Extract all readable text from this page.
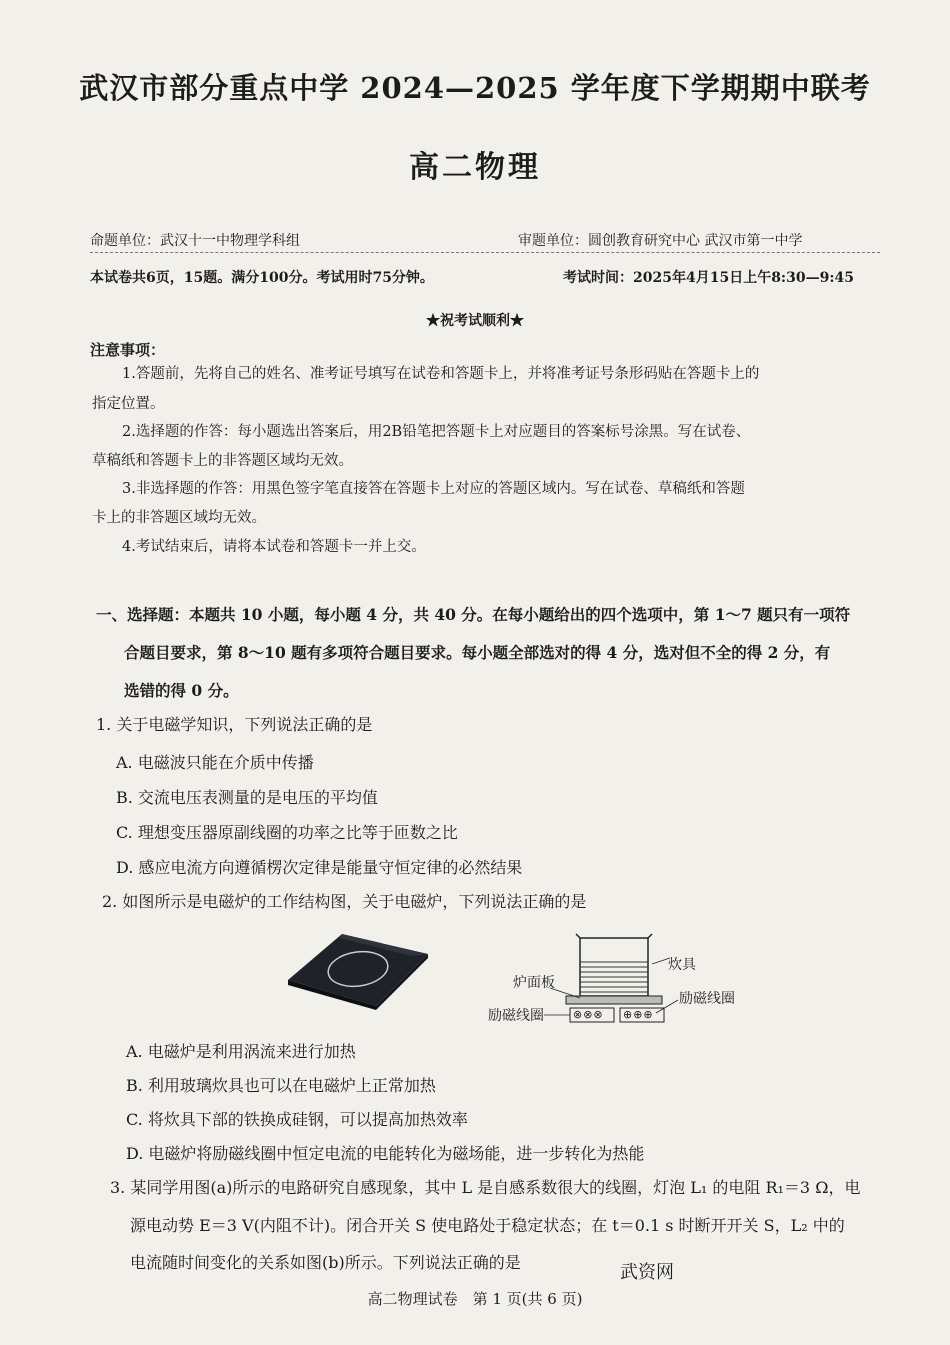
武汉市部分重点中学 2024—2025 学年度下学期期中联考
高二物理
命题单位：武汉十一中物理学科组	审题单位：圆创教育研究中心 武汉市第一中学
本试卷共6页，15题。满分100分。考试用时75分钟。	考试时间：2025年4月15日上午8:30—9:45
★祝考试顺利★
注意事项：
1.答题前，先将自己的姓名、准考证号填写在试卷和答题卡上，并将准考证号条形码贴在答题卡上的
指定位置。
2.选择题的作答：每小题选出答案后，用2B铅笔把答题卡上对应题目的答案标号涂黑。写在试卷、
草稿纸和答题卡上的非答题区域均无效。
3.非选择题的作答：用黑色签字笔直接答在答题卡上对应的答题区域内。写在试卷、草稿纸和答题
卡上的非答题区域均无效。
4.考试结束后，请将本试卷和答题卡一并上交。
一、选择题：本题共 10 小题，每小题 4 分，共 40 分。在每小题给出的四个选项中，第 1～7 题只有一项符
合题目要求，第 8～10 题有多项符合题目要求。每小题全部选对的得 4 分，选对但不全的得 2 分，有
选错的得 0 分。
1. 关于电磁学知识，下列说法正确的是
A. 电磁波只能在介质中传播
B. 交流电压表测量的是电压的平均值
C. 理想变压器原副线圈的功率之比等于匝数之比
D. 感应电流方向遵循楞次定律是能量守恒定律的必然结果
2. 如图所示是电磁炉的工作结构图，关于电磁炉，下列说法正确的是
炊具
炉面板
励磁线圈
励磁线圈	⊗⊗⊗ ⊕⊕⊕
A. 电磁炉是利用涡流来进行加热
B. 利用玻璃炊具也可以在电磁炉上正常加热
C. 将炊具下部的铁换成硅钢，可以提高加热效率
D. 电磁炉将励磁线圈中恒定电流的电能转化为磁场能，进一步转化为热能
3. 某同学用图(a)所示的电路研究自感现象，其中 L 是自感系数很大的线圈，灯泡 L₁ 的电阻 R₁＝3 Ω，电
源电动势 E＝3 V(内阻不计)。闭合开关 S 使电路处于稳定状态；在 t＝0.1 s 时断开开关 S，L₂ 中的
电流随时间变化的关系如图(b)所示。下列说法正确的是	武资网
高二物理试卷　第 1 页(共 6 页)
